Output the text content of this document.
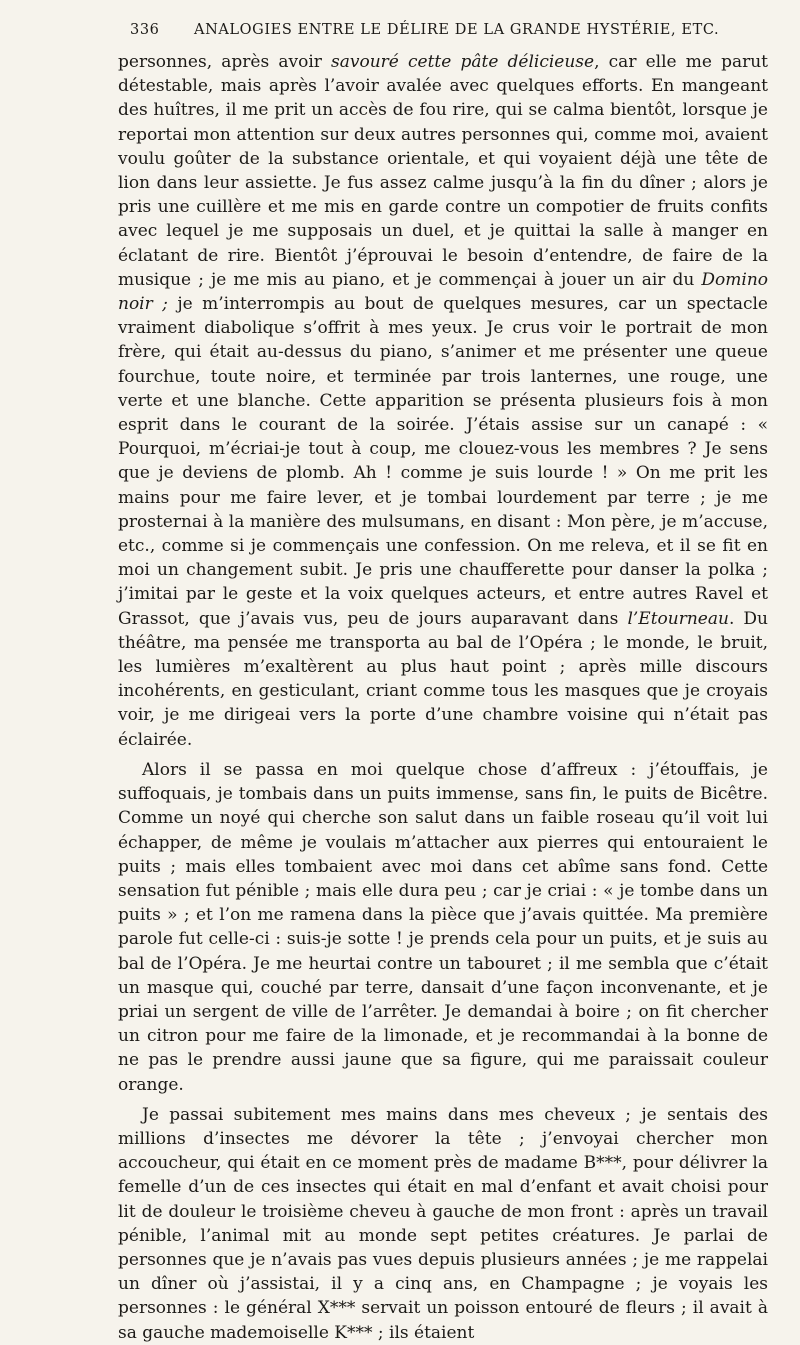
336	ANALOGIES ENTRE LE DÉLIRE DE LA GRANDE HYSTÉRIE, ETC.

personnes, après avoir savouré cette pâte délicieuse, car elle me parut détestable, mais après l’avoir avalée avec quelques efforts. En mangeant des huîtres, il me prit un accès de fou rire, qui se calma bientôt, lorsque je reportai mon attention sur deux autres personnes qui, comme moi, avaient voulu goûter de la substance orientale, et qui voyaient déjà une tête de lion dans leur assiette. Je fus assez calme jusqu’à la fin du dîner ; alors je pris une cuillère et me mis en garde contre un compotier de fruits confits avec lequel je me supposais un duel, et je quittai la salle à manger en éclatant de rire. Bientôt j’éprouvai le besoin d’entendre, de faire de la musique ; je me mis au piano, et je commençai à jouer un air du Domino noir ; je m’interrompis au bout de quelques mesures, car un spectacle vraiment diabolique s’offrit à mes yeux. Je crus voir le portrait de mon frère, qui était au-dessus du piano, s’animer et me présenter une queue fourchue, toute noire, et terminée par trois lanternes, une rouge, une verte et une blanche. Cette apparition se présenta plusieurs fois à mon esprit dans le courant de la soirée. J’étais assise sur un canapé : « Pourquoi, m’écriai-je tout à coup, me clouez-vous les membres ? Je sens que je deviens de plomb. Ah ! comme je suis lourde ! » On me prit les mains pour me faire lever, et je tombai lourdement par terre ; je me prosternai à la manière des mulsumans, en disant : Mon père, je m’accuse, etc., comme si je commençais une confession. On me releva, et il se fit en moi un changement subit. Je pris une chaufferette pour danser la polka ; j’imitai par le geste et la voix quelques acteurs, et entre autres Ravel et Grassot, que j’avais vus, peu de jours auparavant dans l’Etourneau. Du théâtre, ma pensée me transporta au bal de l’Opéra ; le monde, le bruit, les lumières m’exaltèrent au plus haut point ; après mille discours incohérents, en gesticulant, criant comme tous les masques que je croyais voir, je me dirigeai vers la porte d’une chambre voisine qui n’était pas éclairée.

Alors il se passa en moi quelque chose d’affreux : j’étouffais, je suffoquais, je tombais dans un puits immense, sans fin, le puits de Bicêtre. Comme un noyé qui cherche son salut dans un faible roseau qu’il voit lui échapper, de même je voulais m’attacher aux pierres qui entouraient le puits ; mais elles tombaient avec moi dans cet abîme sans fond. Cette sensation fut pénible ; mais elle dura peu ; car je criai : « je tombe dans un puits » ; et l’on me ramena dans la pièce que j’avais quittée. Ma première parole fut celle-ci : suis-je sotte ! je prends cela pour un puits, et je suis au bal de l’Opéra. Je me heurtai contre un tabouret ; il me sembla que c’était un masque qui, couché par terre, dansait d’une façon inconvenante, et je priai un sergent de ville de l’arrêter. Je demandai à boire ; on fit chercher un citron pour me faire de la limonade, et je recommandai à la bonne de ne pas le prendre aussi jaune que sa figure, qui me paraissait couleur orange.

Je passai subitement mes mains dans mes cheveux ; je sentais des millions d’insectes me dévorer la tête ; j’envoyai chercher mon accoucheur, qui était en ce moment près de madame B***, pour délivrer la femelle d’un de ces insectes qui était en mal d’enfant et avait choisi pour lit de douleur le troisième cheveu à gauche de mon front : après un travail pénible, l’animal mit au monde sept petites créatures. Je parlai de personnes que je n’avais pas vues depuis plusieurs années ; je me rappelai un dîner où j’assistai, il y a cinq ans, en Champagne ; je voyais les personnes : le général X*** servait un poisson entouré de fleurs ; il avait à sa gauche mademoiselle K*** ; ils étaient
